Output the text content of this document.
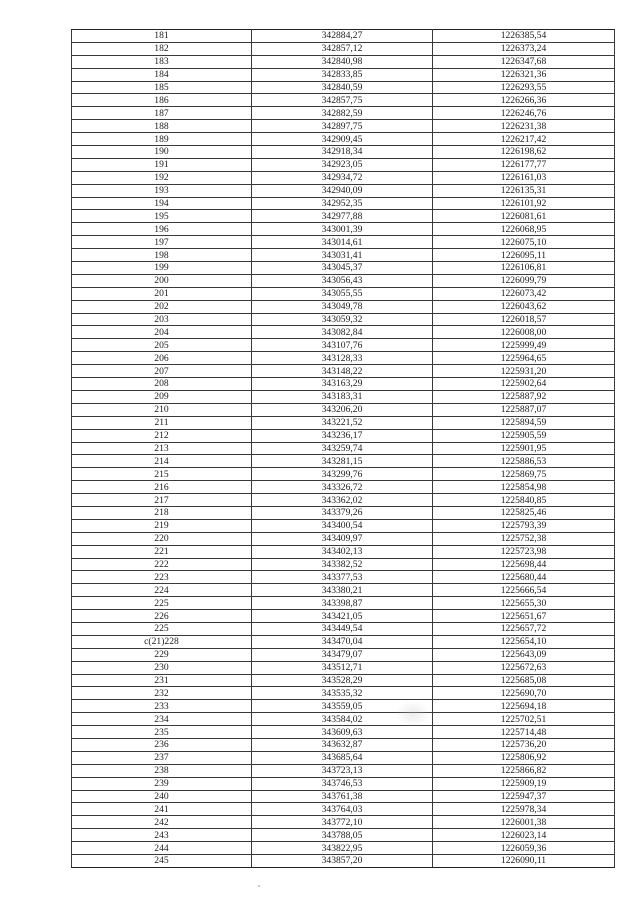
181	342884,27	1226385,54
182	342857,12	1226373,24
183	342840,98	1226347,68
184	342833,85	1226321,36
185	342840,59	1226293,55
186	342857,75	1226266,36
187	342882,59	1226246,76
188	342897,75	1226231,38
189	342909,45	1226217,42
190	342918,34	1226198,62
191	342923,05	1226177,77
192	342934,72	1226161,03
193	342940,09	1226135,31
194	342952,35	1226101,92
195	342977,88	1226081,61
196	343001,39	1226068,95
197	343014,61	1226075,10
198	343031,41	1226095,11
199	343045,37	1226106,81
200	343056,43	1226099,79
201	343055,55	1226073,42
202	343049,78	1226043,62
203	343059,32	1226018,57
204	343082,84	1226008,00
205	343107,76	1225999,49
206	343128,33	1225964,65
207	343148,22	1225931,20
208	343163,29	1225902,64
209	343183,31	1225887,92
210	343206,20	1225887,07
211	343221,52	1225894,59
212	343236,17	1225905,59
213	343259,74	1225901,95
214	343281,15	1225886,53
215	343299,76	1225869,75
216	343326,72	1225854,98
217	343362,02	1225840,85
218	343379,26	1225825,46
219	343400,54	1225793,39
220	343409,97	1225752,38
221	343402,13	1225723,98
222	343382,52	1225698,44
223	343377,53	1225680,44
224	343380,21	1225666,54
225	343398,87	1225655,30
226	343421,05	1225651,67
225	343449,54	1225657,72
с(21)228	343470,04	1225654,10
229	343479,07	1225643,09
230	343512,71	1225672,63
231	343528,29	1225685,08
232	343535,32	1225690,70
233	343559,05	1225694,18
234	343584,02	1225702,51
235	343609,63	1225714,48
236	343632,87	1225736,20
237	343685,64	1225806,92
238	343723,13	1225866,82
239	343746,53	1225909,19
240	343761,38	1225947,37
241	343764,03	1225978,34
242	343772,10	1226001,38
243	343788,05	1226023,14
244	343822,95	1226059,36
245	343857,20	1226090,11
